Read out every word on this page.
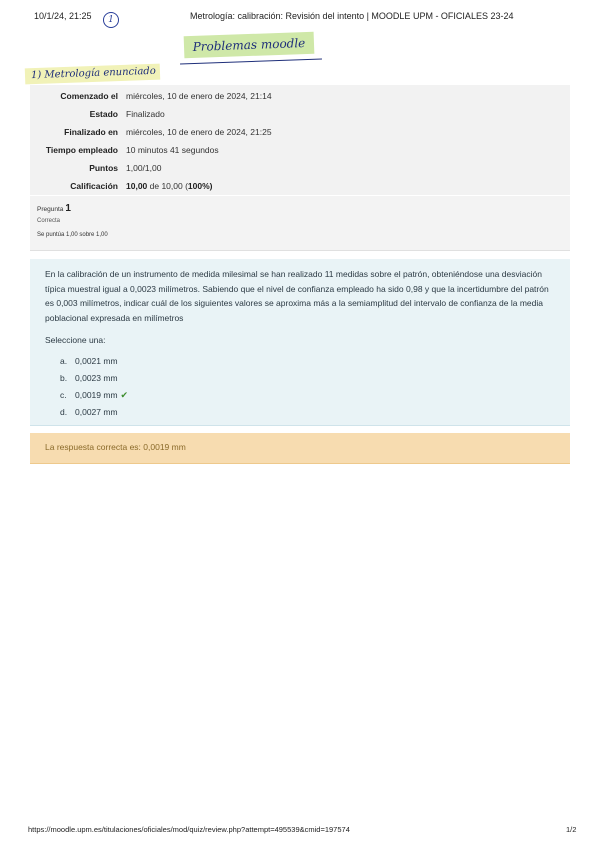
10/1/24, 21:25	Metrología: calibración: Revisión del intento | MOODLE UPM - OFICIALES 23-24
1
Problemas moodle
1) Metrología enunciado
Comenzado el	miércoles, 10 de enero de 2024, 21:14
Estado	Finalizado
Finalizado en	miércoles, 10 de enero de 2024, 21:25
Tiempo empleado	10 minutos 41 segundos
Puntos	1,00/1,00
Calificación	10,00 de 10,00 (100%)
Pregunta 1
Correcta
Se puntúa 1,00 sobre 1,00
En la calibración de un instrumento de medida milesimal se han realizado 11 medidas sobre el patrón, obteniéndose una desviación típica muestral igual a 0,0023 milímetros. Sabiendo que el nivel de confianza empleado ha sido 0,98 y que la incertidumbre del patrón es 0,003 milímetros, indicar cuál de los siguientes valores se aproxima más a la semiamplitud del intervalo de confianza de la media poblacional expresada en milímetros
Seleccione una:
a. 0,0021 mm
b. 0,0023 mm
c. 0,0019 mm ✔
d. 0,0027 mm
La respuesta correcta es: 0,0019 mm
https://moodle.upm.es/titulaciones/oficiales/mod/quiz/review.php?attempt=495539&cmid=197574	1/2
